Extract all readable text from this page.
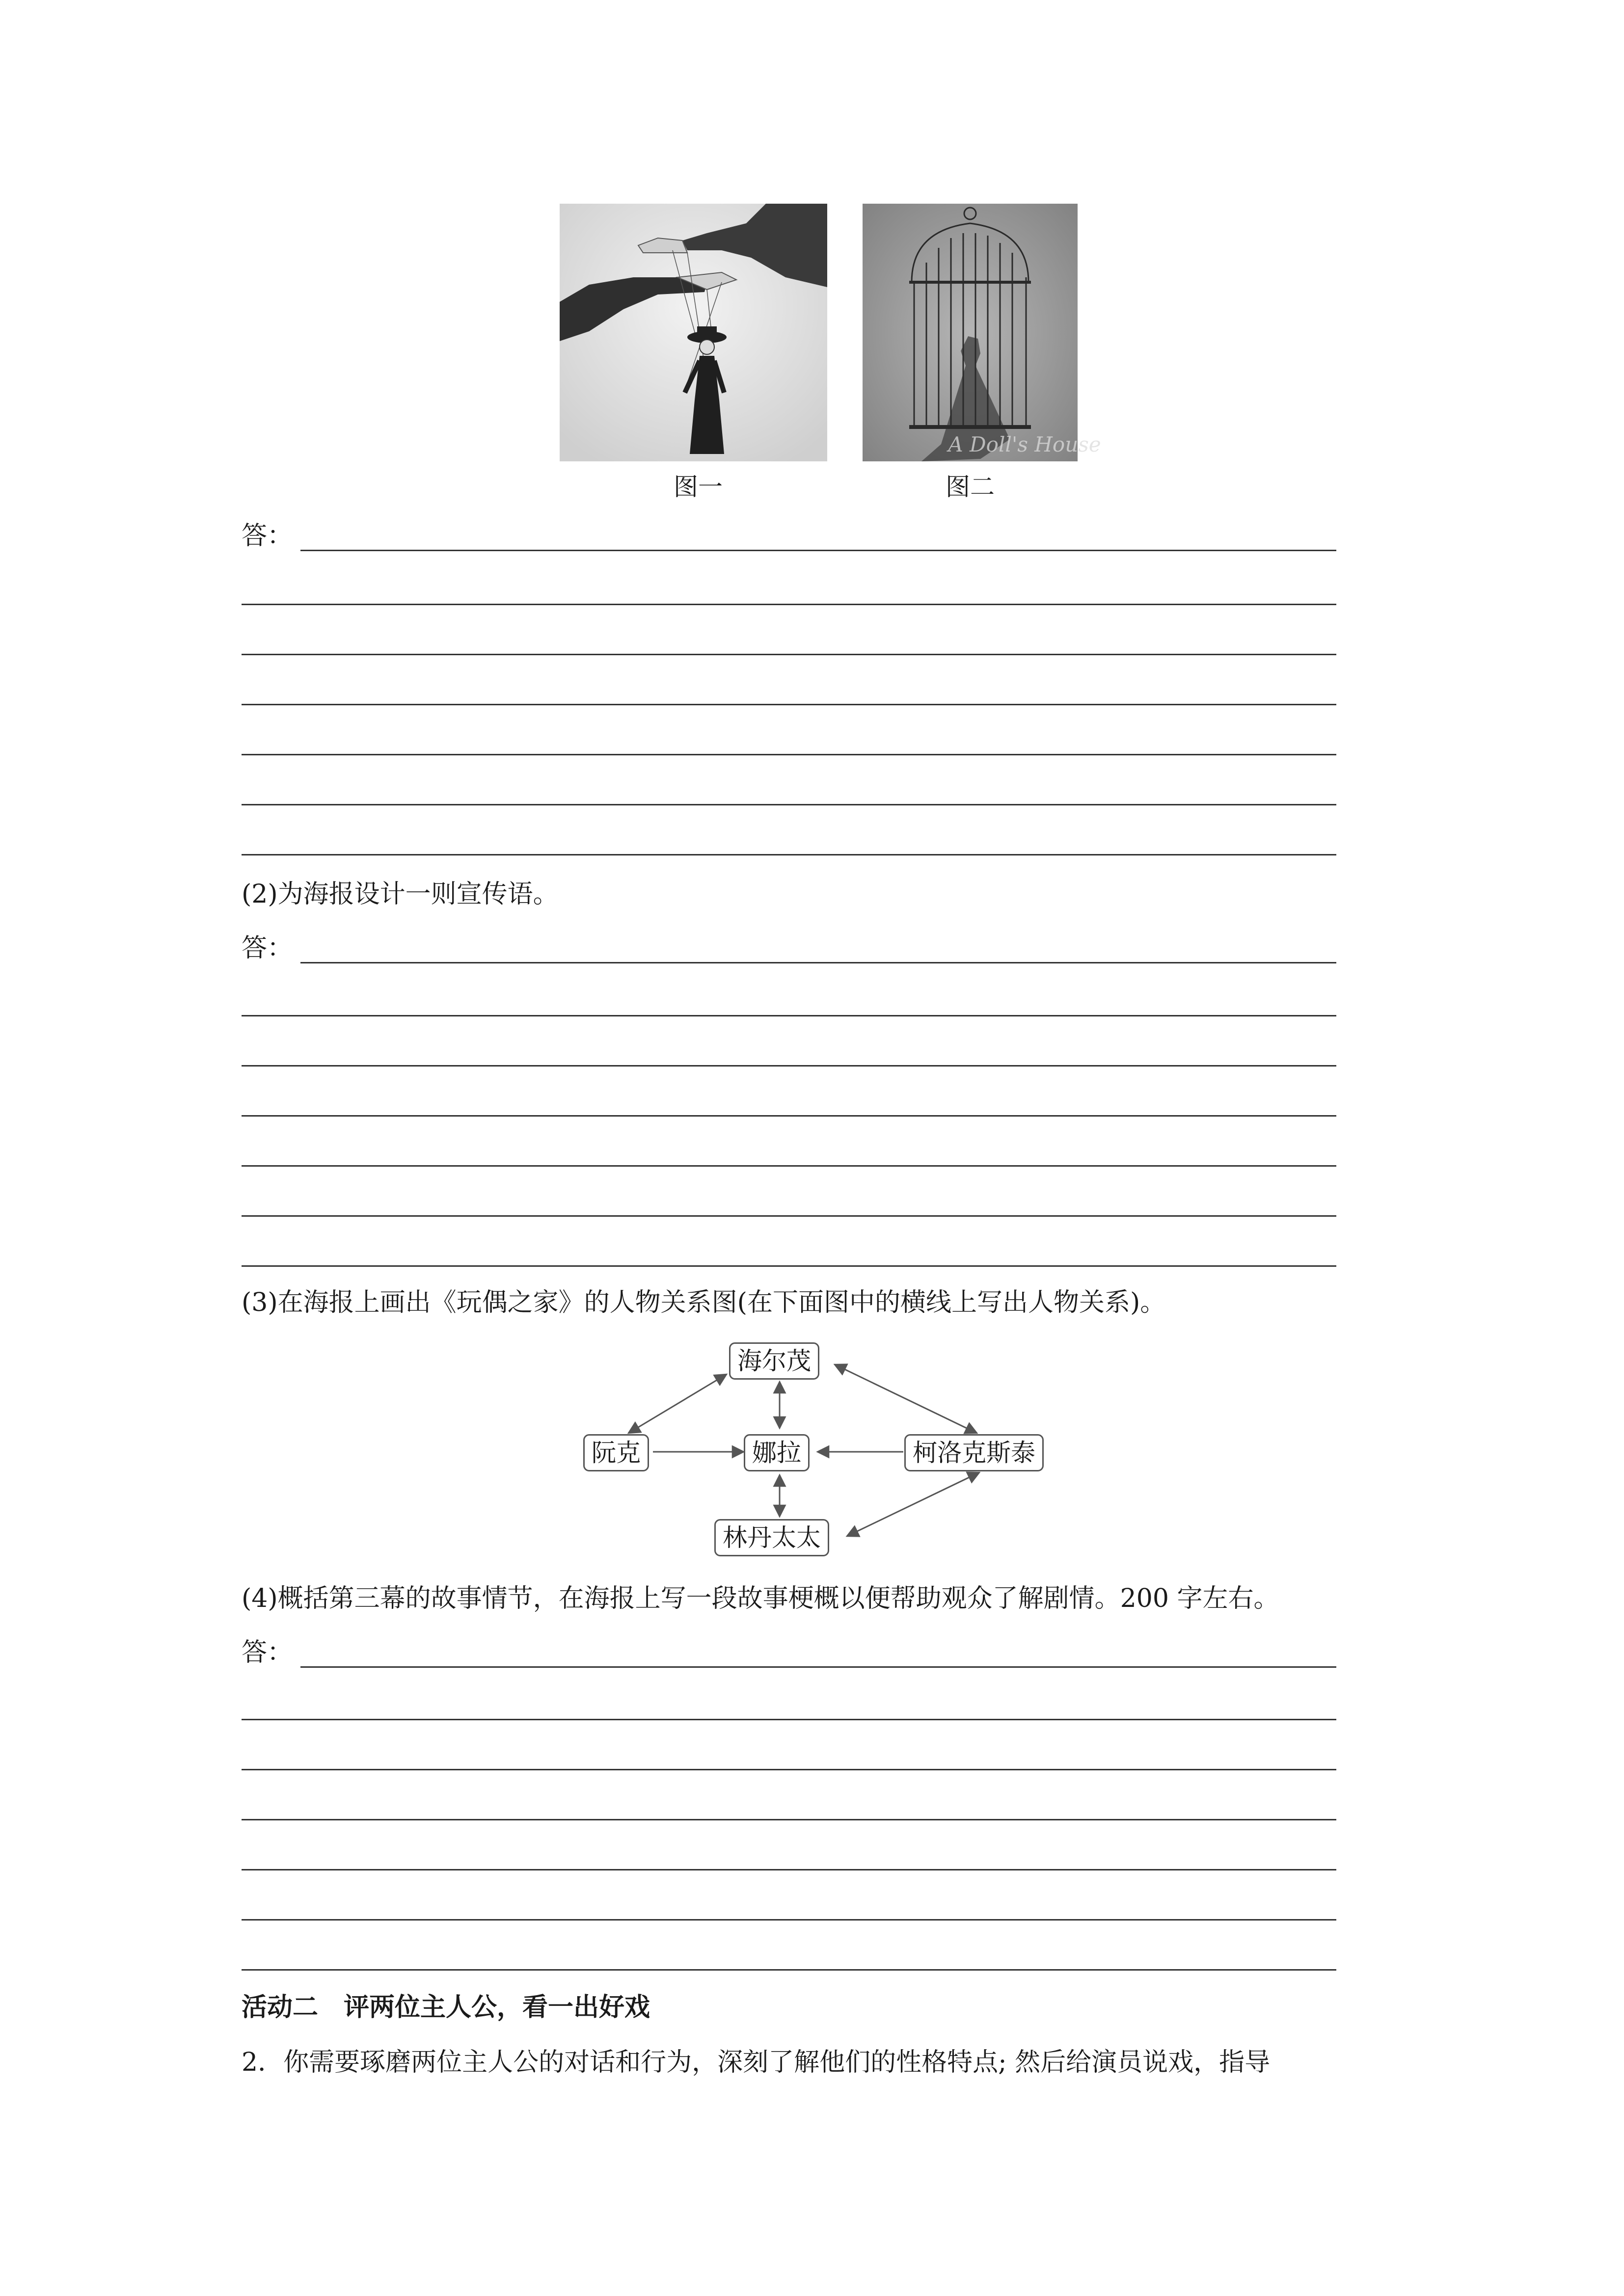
A Doll's House
图一	图二
答：
(2)为海报设计一则宣传语。
答：
(3)在海报上画出《玩偶之家》的人物关系图(在下面图中的横线上写出人物关系)。
海尔茂
阮克	娜拉	柯洛克斯泰
林丹太太
(4)概括第三幕的故事情节，在海报上写一段故事梗概以便帮助观众了解剧情。200 字左右。
答：
活动二　评两位主人公，看一出好戏
2．你需要琢磨两位主人公的对话和行为，深刻了解他们的性格特点; 然后给演员说戏，指导
